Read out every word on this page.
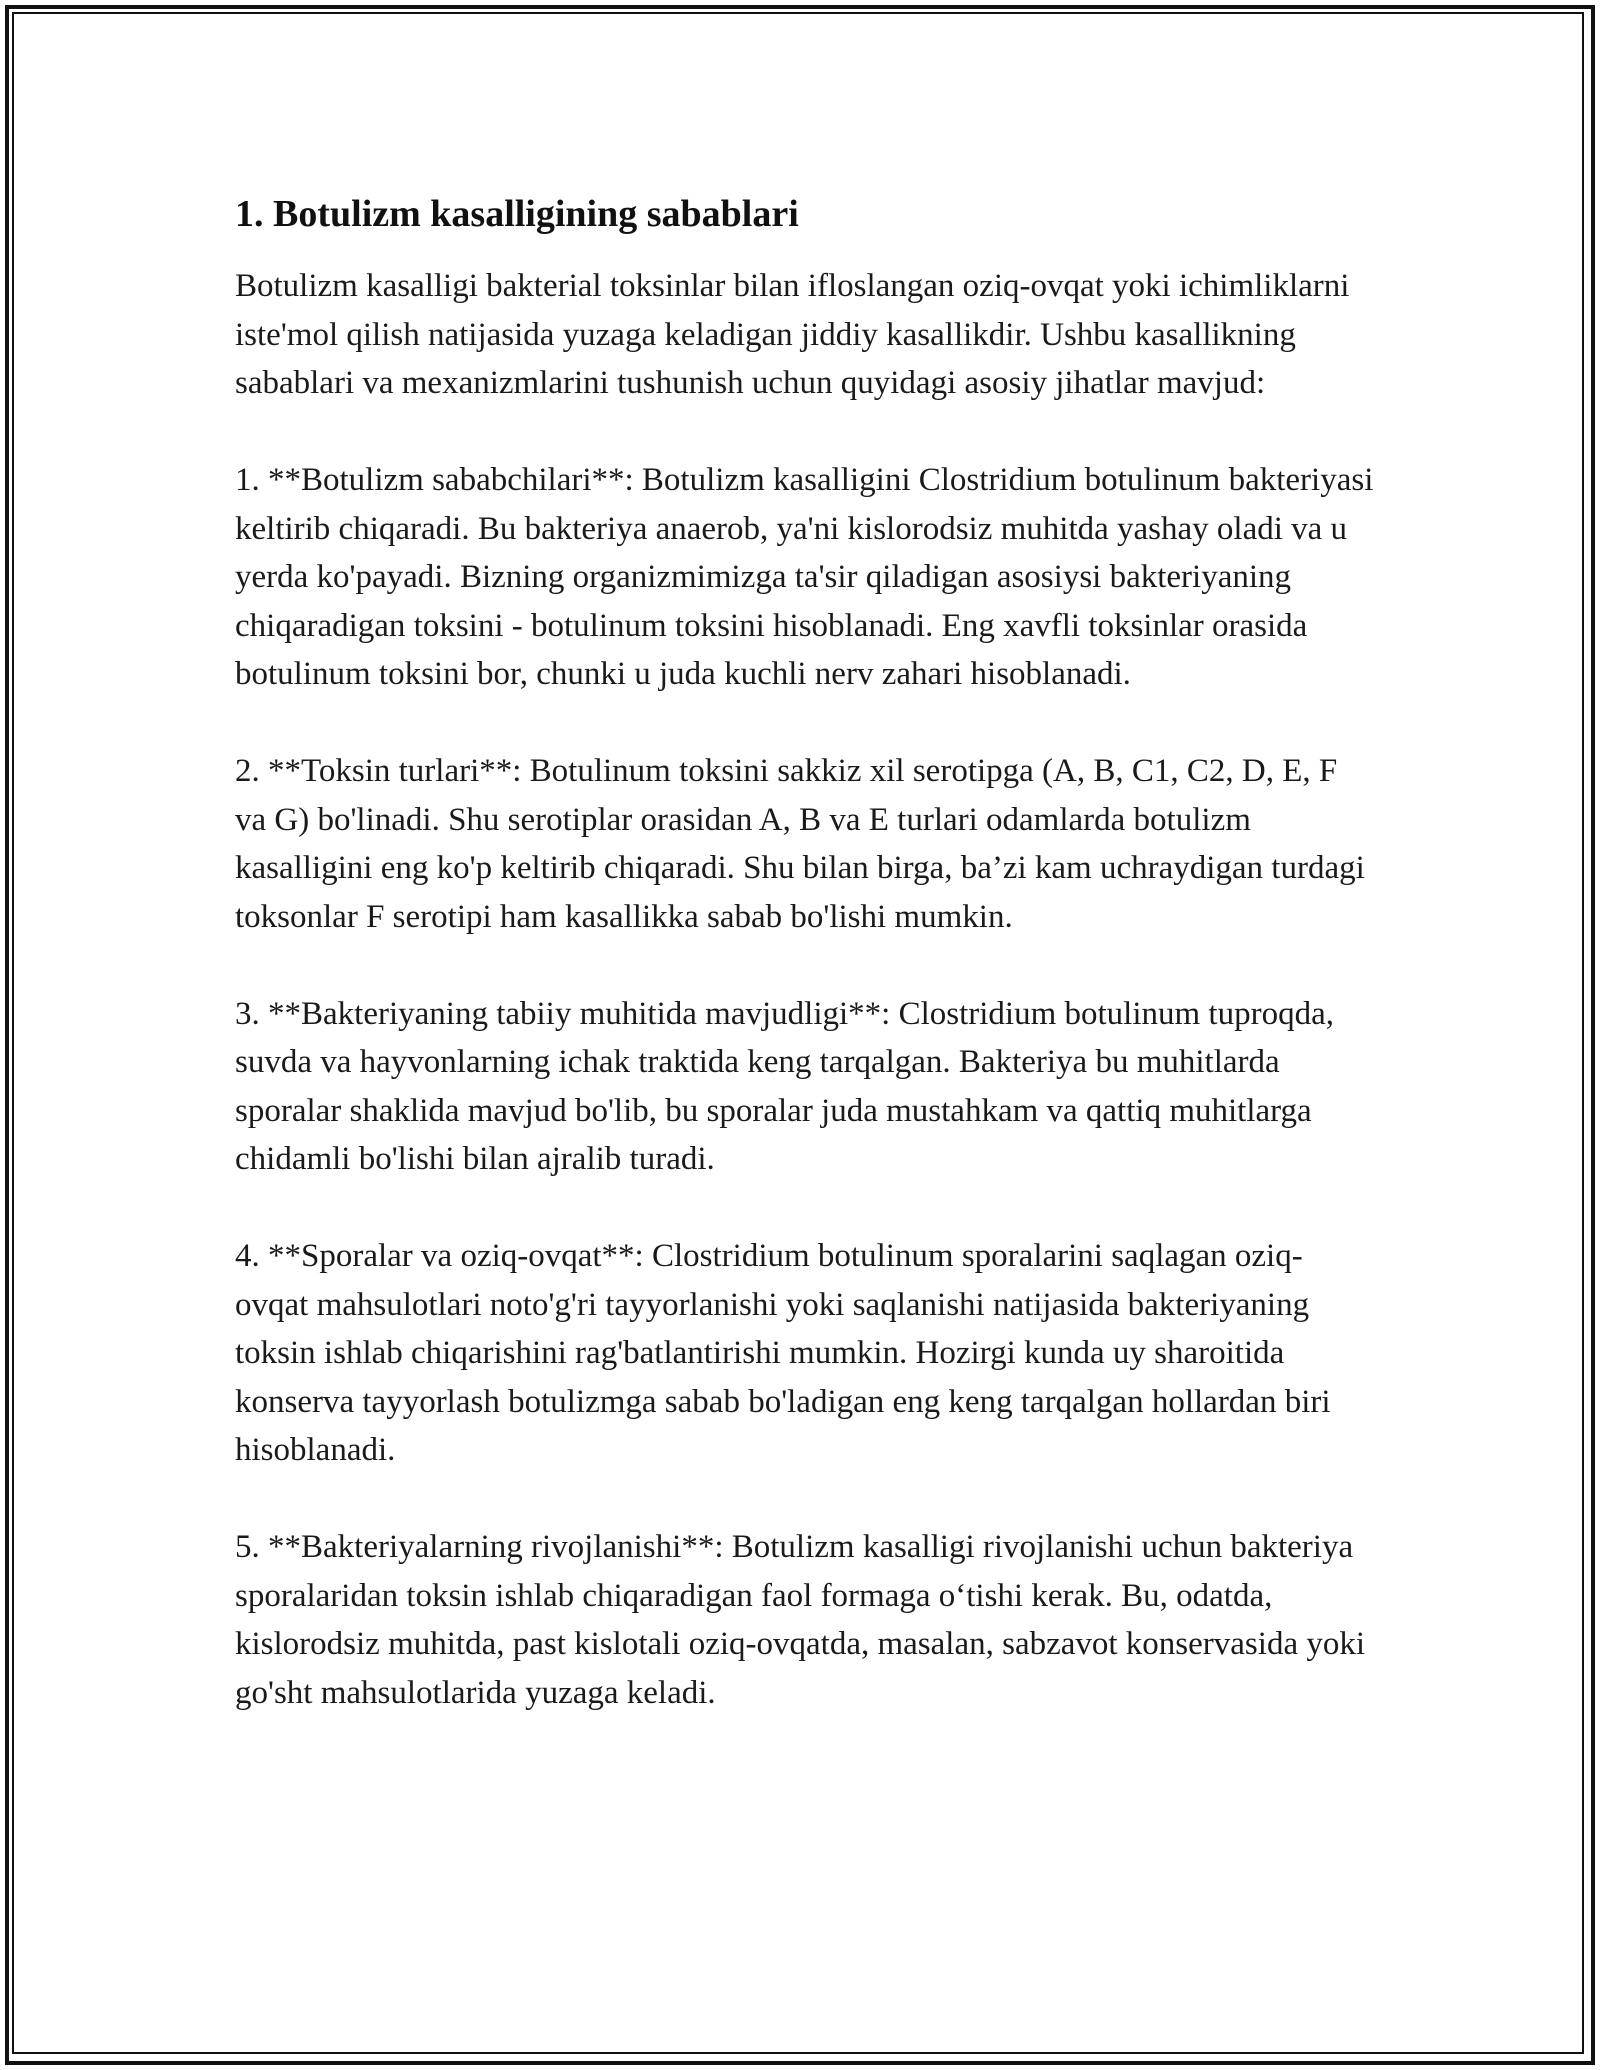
1. Botulizm kasalligining sabablari

Botulizm kasalligi bakterial toksinlar bilan ifloslangan oziq-ovqat yoki ichimliklarni iste'mol qilish natijasida yuzaga keladigan jiddiy kasallikdir. Ushbu kasallikning sabablari va mexanizmlarini tushunish uchun quyidagi asosiy jihatlar mavjud:

1. **Botulizm sababchilari**: Botulizm kasalligini Clostridium botulinum bakteriyasi keltirib chiqaradi. Bu bakteriya anaerob, ya'ni kislorodsiz muhitda yashay oladi va u yerda ko'payadi. Bizning organizmimizga ta'sir qiladigan asosiysi bakteriyaning chiqaradigan toksini - botulinum toksini hisoblanadi. Eng xavfli toksinlar orasida botulinum toksini bor, chunki u juda kuchli nerv zahari hisoblanadi.

2. **Toksin turlari**: Botulinum toksini sakkiz xil serotipga (A, B, C1, C2, D, E, F va G) bo'linadi. Shu serotiplar orasidan A, B va E turlari odamlarda botulizm kasalligini eng ko'p keltirib chiqaradi. Shu bilan birga, ba’zi kam uchraydigan turdagi toksonlar F serotipi ham kasallikka sabab bo'lishi mumkin.

3. **Bakteriyaning tabiiy muhitida mavjudligi**: Clostridium botulinum tuproqda, suvda va hayvonlarning ichak traktida keng tarqalgan. Bakteriya bu muhitlarda sporalar shaklida mavjud bo'lib, bu sporalar juda mustahkam va qattiq muhitlarga chidamli bo'lishi bilan ajralib turadi.

4. **Sporalar va oziq-ovqat**: Clostridium botulinum sporalarini saqlagan oziq-ovqat mahsulotlari noto'g'ri tayyorlanishi yoki saqlanishi natijasida bakteriyaning toksin ishlab chiqarishini rag'batlantirishi mumkin. Hozirgi kunda uy sharoitida konserva tayyorlash botulizmga sabab bo'ladigan eng keng tarqalgan hollardan biri hisoblanadi.

5. **Bakteriyalarning rivojlanishi**: Botulizm kasalligi rivojlanishi uchun bakteriya sporalaridan toksin ishlab chiqaradigan faol formaga o‘tishi kerak. Bu, odatda, kislorodsiz muhitda, past kislotali oziq-ovqatda, masalan, sabzavot konservasida yoki go'sht mahsulotlarida yuzaga keladi.
